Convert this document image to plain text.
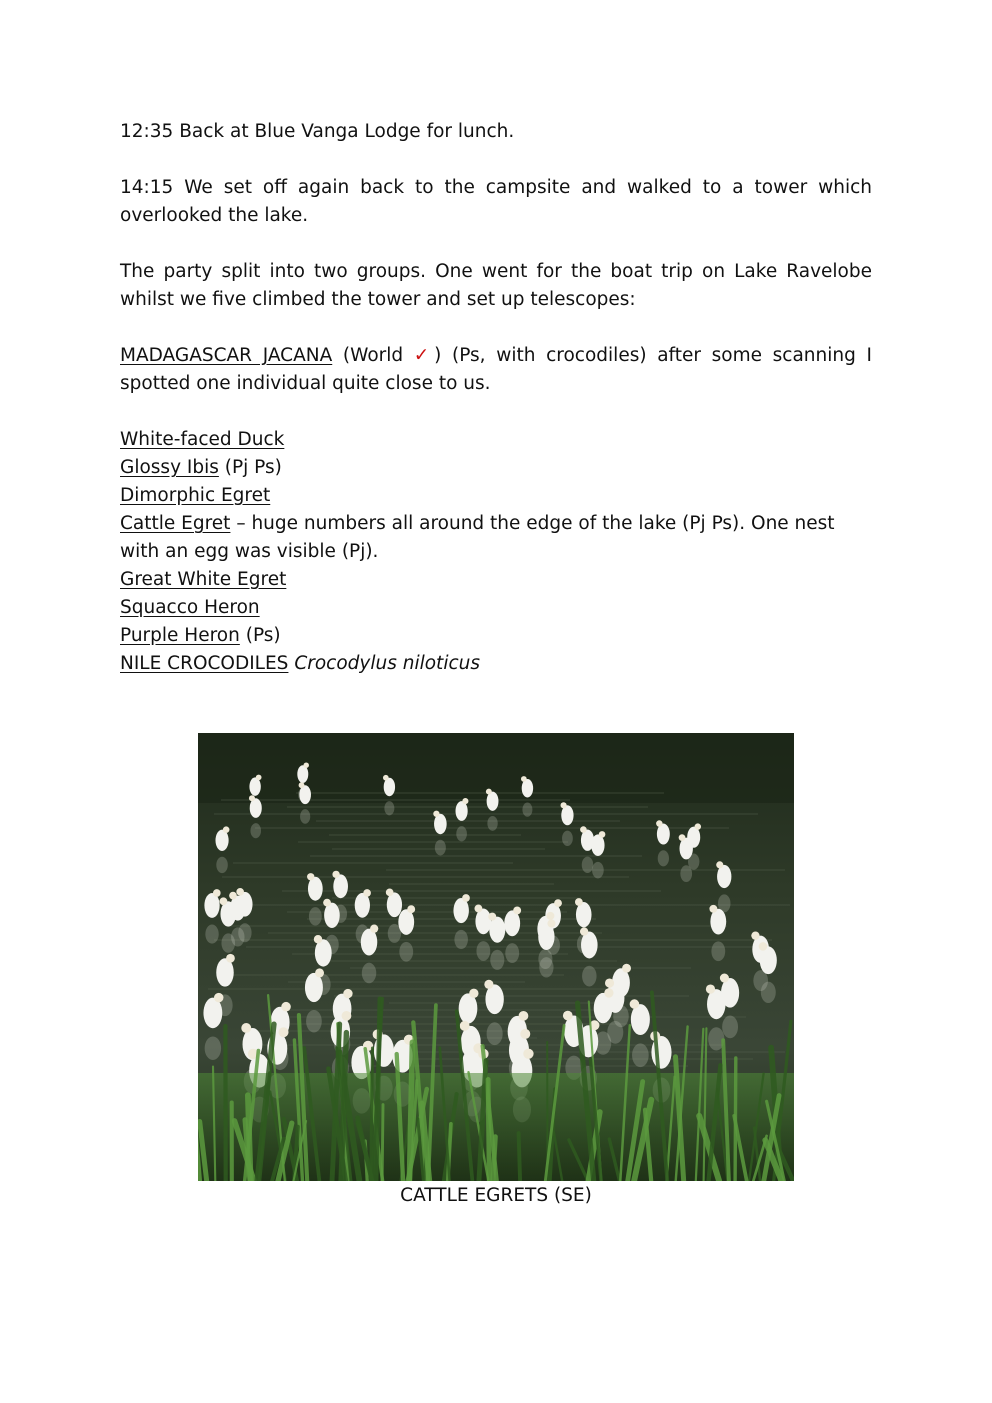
12:35 Back at Blue Vanga Lodge for lunch.

14:15 We set off again back to the campsite and walked to a tower which overlooked the lake.

The party split into two groups. One went for the boat trip on Lake Ravelobe whilst we five climbed the tower and set up telescopes:

MADAGASCAR JACANA (World ✓) (Ps, with crocodiles) after some scanning I spotted one individual quite close to us.

White-faced Duck

Glossy Ibis (Pj Ps)

Dimorphic Egret

Cattle Egret – huge numbers all around the edge of the lake (Pj Ps). One nest with an egg was visible (Pj).

Great White Egret

Squacco Heron

Purple Heron (Ps)

NILE CROCODILES Crocodylus niloticus

CATTLE EGRETS (SE)
